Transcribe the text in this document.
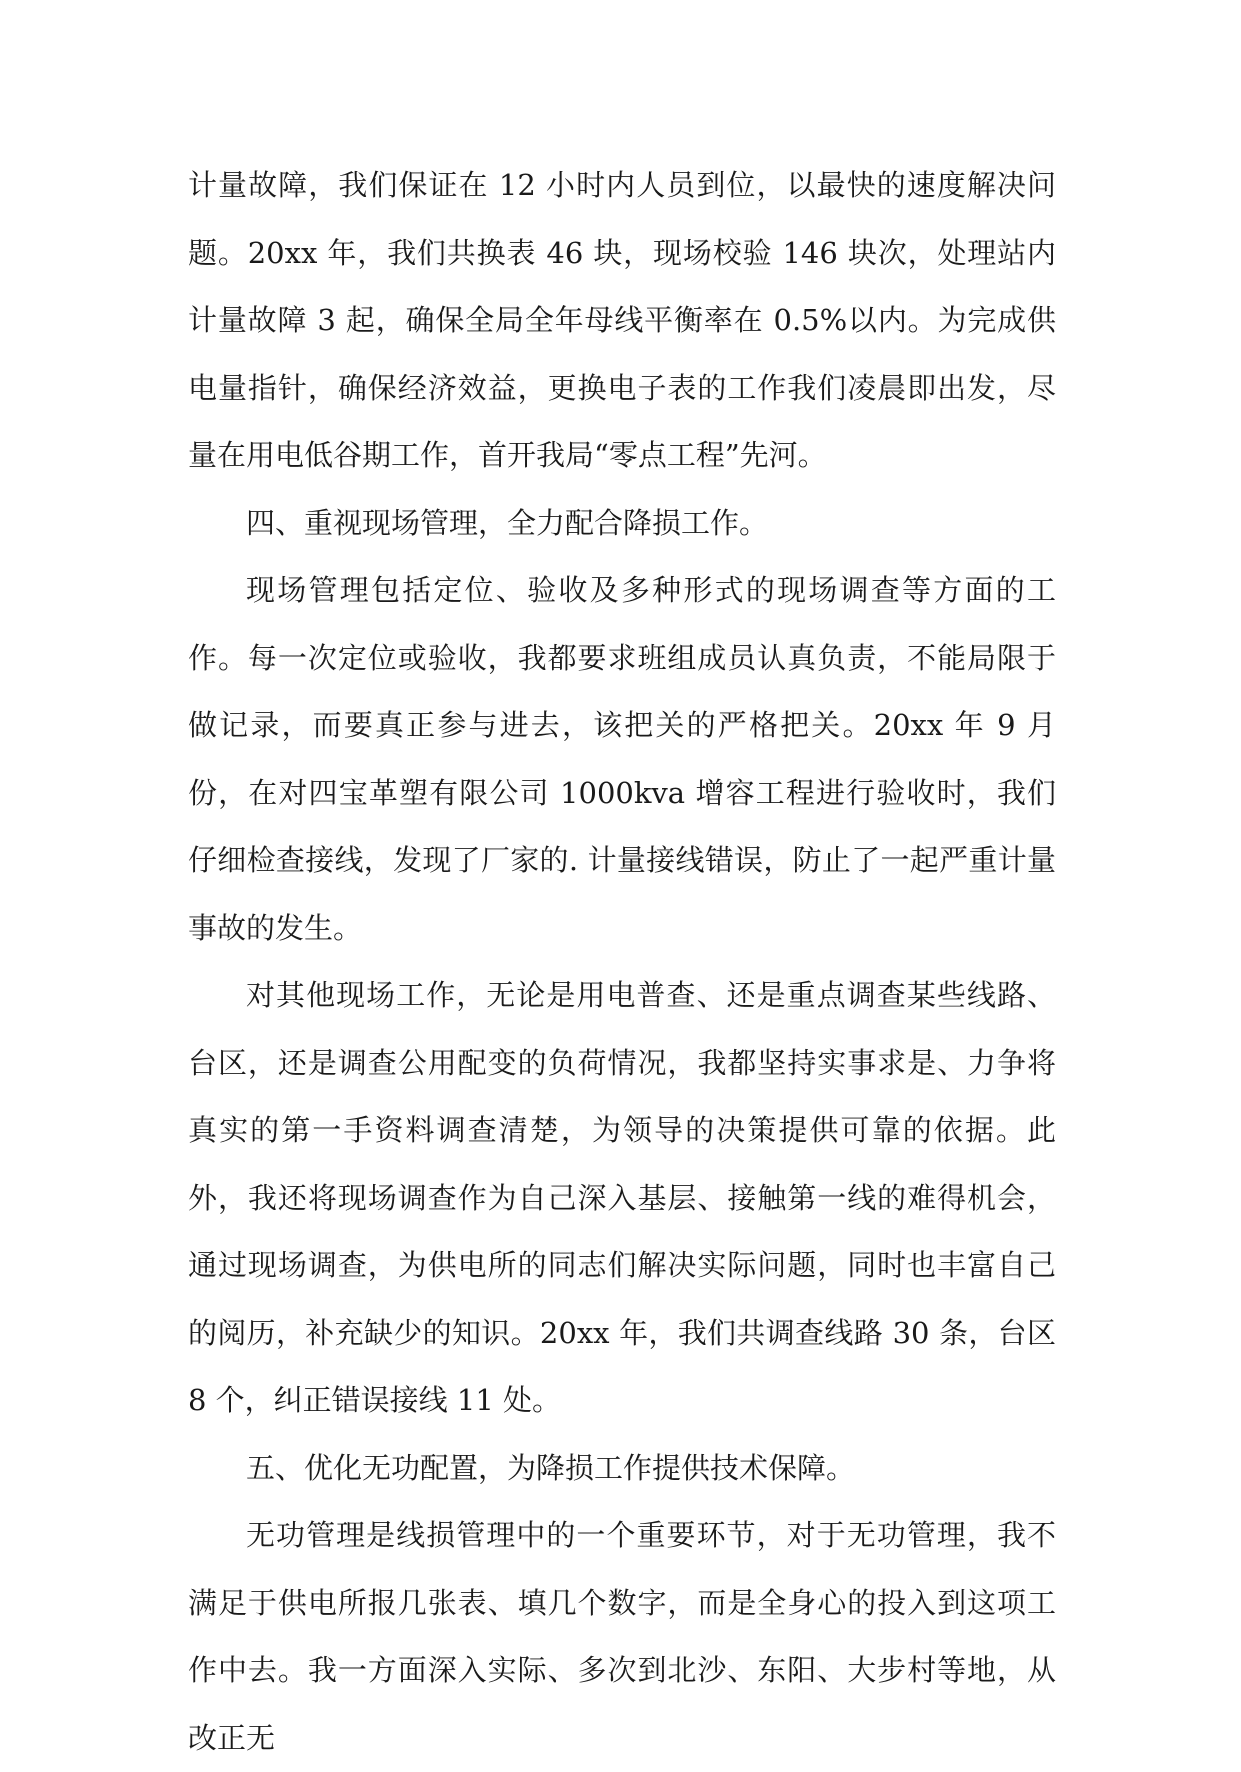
计量故障，我们保证在 12 小时内人员到位，以最快的速度解决问题。20xx 年，我们共换表 46 块，现场校验 146 块次，处理站内计量故障 3 起，确保全局全年母线平衡率在 0.5%以内。为完成供电量指针，确保经济效益，更换电子表的工作我们凌晨即出发，尽量在用电低谷期工作，首开我局“零点工程”先河。

四、重视现场管理，全力配合降损工作。

现场管理包括定位、验收及多种形式的现场调查等方面的工作。每一次定位或验收，我都要求班组成员认真负责，不能局限于做记录，而要真正参与进去，该把关的严格把关。20xx 年 9 月份，在对四宝革塑有限公司 1000kva 增容工程进行验收时，我们仔细检查接线，发现了厂家的. 计量接线错误，防止了一起严重计量事故的发生。

对其他现场工作，无论是用电普查、还是重点调查某些线路、台区，还是调查公用配变的负荷情况，我都坚持实事求是、力争将真实的第一手资料调查清楚，为领导的决策提供可靠的依据。此外，我还将现场调查作为自己深入基层、接触第一线的难得机会，通过现场调查，为供电所的同志们解决实际问题，同时也丰富自己的阅历，补充缺少的知识。20xx 年，我们共调查线路 30 条，台区 8 个，纠正错误接线 11 处。

五、优化无功配置，为降损工作提供技术保障。

无功管理是线损管理中的一个重要环节，对于无功管理，我不满足于供电所报几张表、填几个数字，而是全身心的投入到这项工作中去。我一方面深入实际、多次到北沙、东阳、大步村等地，从改正无
